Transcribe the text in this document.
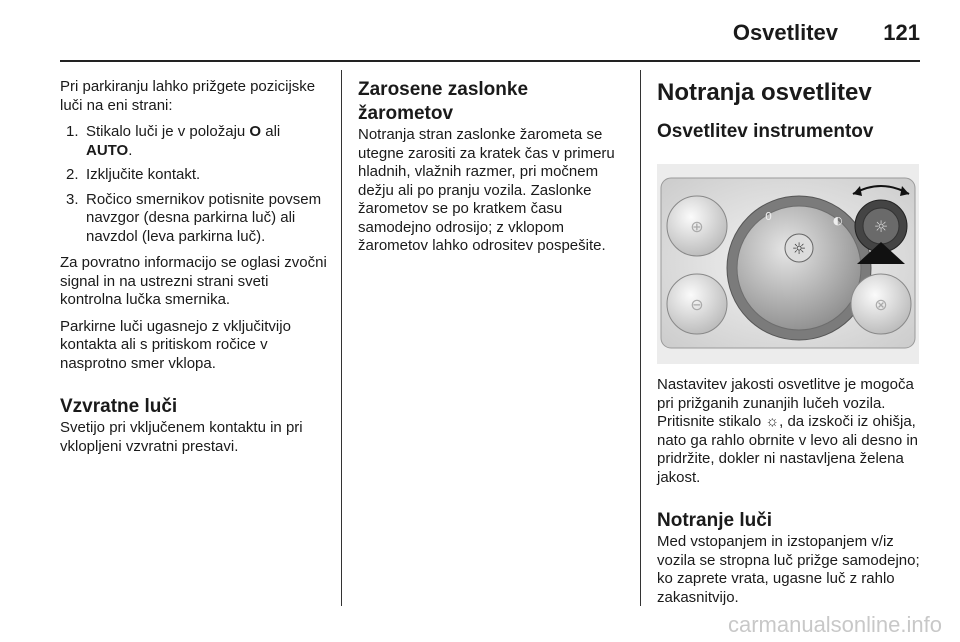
Osvetlitev 121

Pri parkiranju lahko prižgete pozicijske luči na eni strani:

1. Stikalo luči je v položaju O ali AUTO.
2. Izključite kontakt.
3. Ročico smernikov potisnite povsem navzgor (desna parkirna luč) ali navzdol (leva parkirna luč).

Za povratno informacijo se oglasi zvočni signal in na ustrezni strani sveti kontrolna lučka smernika.

Parkirne luči ugasnejo z vključitvijo kontakta ali s pritiskom ročice v nasprotno smer vklopa.

Vzvratne luči

Svetijo pri vključenem kontaktu in pri vklopljeni vzvratni prestavi.

Zarosene zaslonke žarometov

Notranja stran zaslonke žarometa se utegne zarositi za kratek čas v primeru hladnih, vlažnih razmer, pri močnem dežju ali po pranju vozila. Zaslonke žarometov se po kratkem času samodejno odrosijo; z vklopom žarometov lahko odrositev pospešite.

Notranja osvetlitev
Osvetlitev instrumentov
⊕
⊖
☼
0	◐ ☼
⊗

Nastavitev jakosti osvetlitve je mogoča pri prižganih zunanjih lučeh vozila. Pritisnite stikalo ☼, da izskoči iz ohišja, nato ga rahlo obrnite v levo ali desno in pridržite, dokler ni nastavljena želena jakost.

Notranje luči

Med vstopanjem in izstopanjem v/iz vozila se stropna luč prižge samodejno; ko zaprete vrata, ugasne luč z rahlo zakasnitvijo.

carmanualsonline.info
